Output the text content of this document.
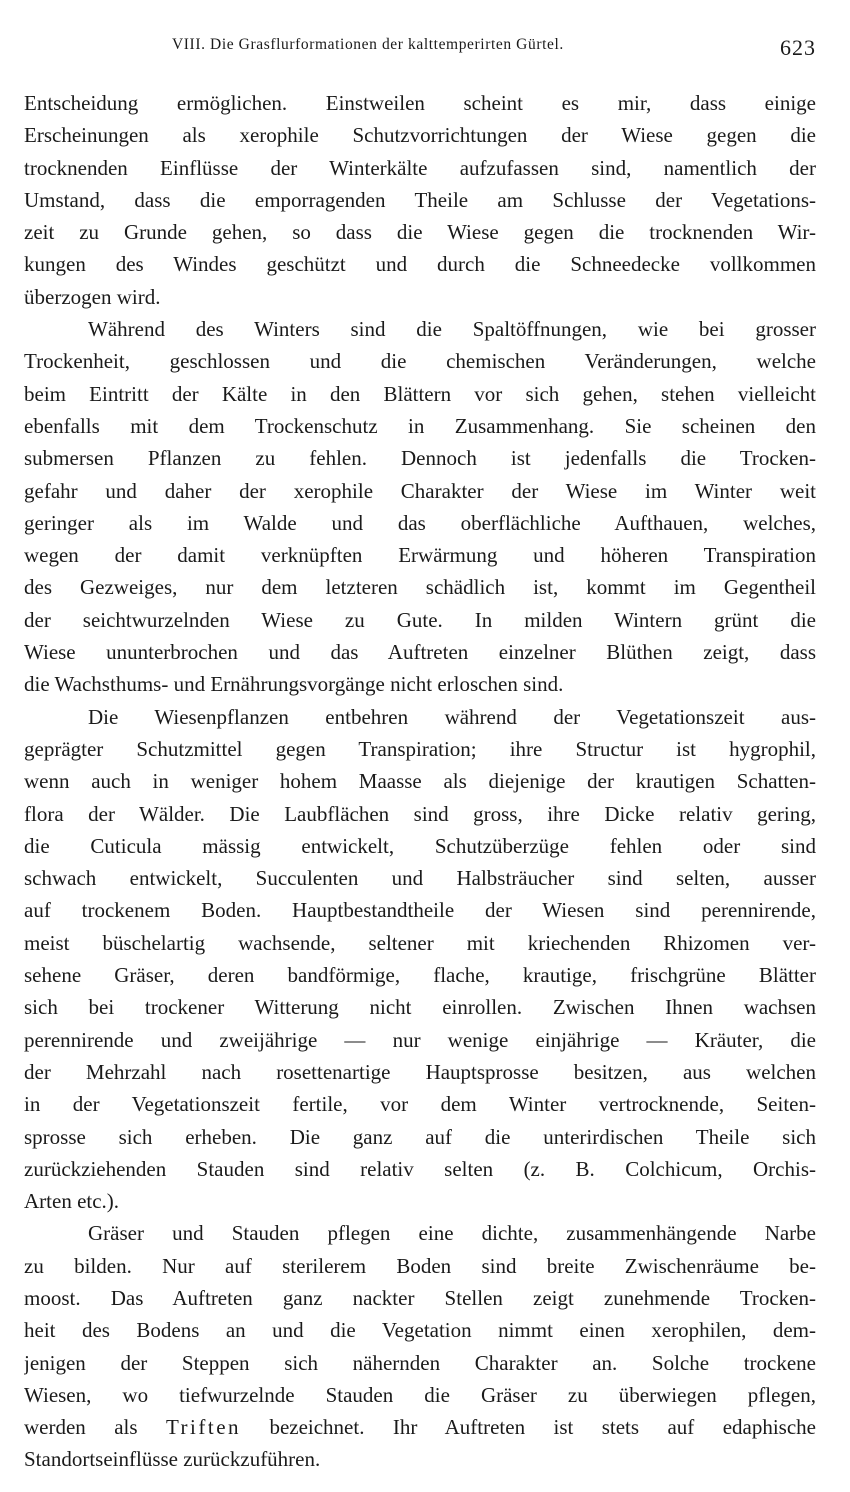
VIII. Die Grasflurformationen der kalttemperirten Gürtel.	623
Entscheidung ermöglichen. Einstweilen scheint es mir, dass einige
Erscheinungen als xerophile Schutzvorrichtungen der Wiese gegen die
trocknenden Einflüsse der Winterkälte aufzufassen sind, namentlich der
Umstand, dass die emporragenden Theile am Schlusse der Vegetations-
zeit zu Grunde gehen, so dass die Wiese gegen die trocknenden Wir-
kungen des Windes geschützt und durch die Schneedecke vollkommen
überzogen wird.
Während des Winters sind die Spaltöffnungen, wie bei grosser
Trockenheit, geschlossen und die chemischen Veränderungen, welche
beim Eintritt der Kälte in den Blättern vor sich gehen, stehen vielleicht
ebenfalls mit dem Trockenschutz in Zusammenhang. Sie scheinen den
submersen Pflanzen zu fehlen. Dennoch ist jedenfalls die Trocken-
gefahr und daher der xerophile Charakter der Wiese im Winter weit
geringer als im Walde und das oberflächliche Aufthauen, welches,
wegen der damit verknüpften Erwärmung und höheren Transpiration
des Gezweiges, nur dem letzteren schädlich ist, kommt im Gegentheil
der seichtwurzelnden Wiese zu Gute. In milden Wintern grünt die
Wiese ununterbrochen und das Auftreten einzelner Blüthen zeigt, dass
die Wachsthums- und Ernährungsvorgänge nicht erloschen sind.
Die Wiesenpflanzen entbehren während der Vegetationszeit aus-
geprägter Schutzmittel gegen Transpiration; ihre Structur ist hygrophil,
wenn auch in weniger hohem Maasse als diejenige der krautigen Schatten-
flora der Wälder. Die Laubflächen sind gross, ihre Dicke relativ gering,
die Cuticula mässig entwickelt, Schutzüberzüge fehlen oder sind
schwach entwickelt, Succulenten und Halbsträucher sind selten, ausser
auf trockenem Boden. Hauptbestandtheile der Wiesen sind perennirende,
meist büschelartig wachsende, seltener mit kriechenden Rhizomen ver-
sehene Gräser, deren bandförmige, flache, krautige, frischgrüne Blätter
sich bei trockener Witterung nicht einrollen. Zwischen Ihnen wachsen
perennirende und zweijährige — nur wenige einjährige — Kräuter, die
der Mehrzahl nach rosettenartige Hauptsprosse besitzen, aus welchen
in der Vegetationszeit fertile, vor dem Winter vertrocknende, Seiten-
sprosse sich erheben. Die ganz auf die unterirdischen Theile sich
zurückziehenden Stauden sind relativ selten (z. B. Colchicum, Orchis-
Arten etc.).
Gräser und Stauden pflegen eine dichte, zusammenhängende Narbe
zu bilden. Nur auf sterilerem Boden sind breite Zwischenräume be-
moost. Das Auftreten ganz nackter Stellen zeigt zunehmende Trocken-
heit des Bodens an und die Vegetation nimmt einen xerophilen, dem-
jenigen der Steppen sich nähernden Charakter an. Solche trockene
Wiesen, wo tiefwurzelnde Stauden die Gräser zu überwiegen pflegen,
werden als Triften bezeichnet. Ihr Auftreten ist stets auf edaphische
Standortseinflüsse zurückzuführen.
